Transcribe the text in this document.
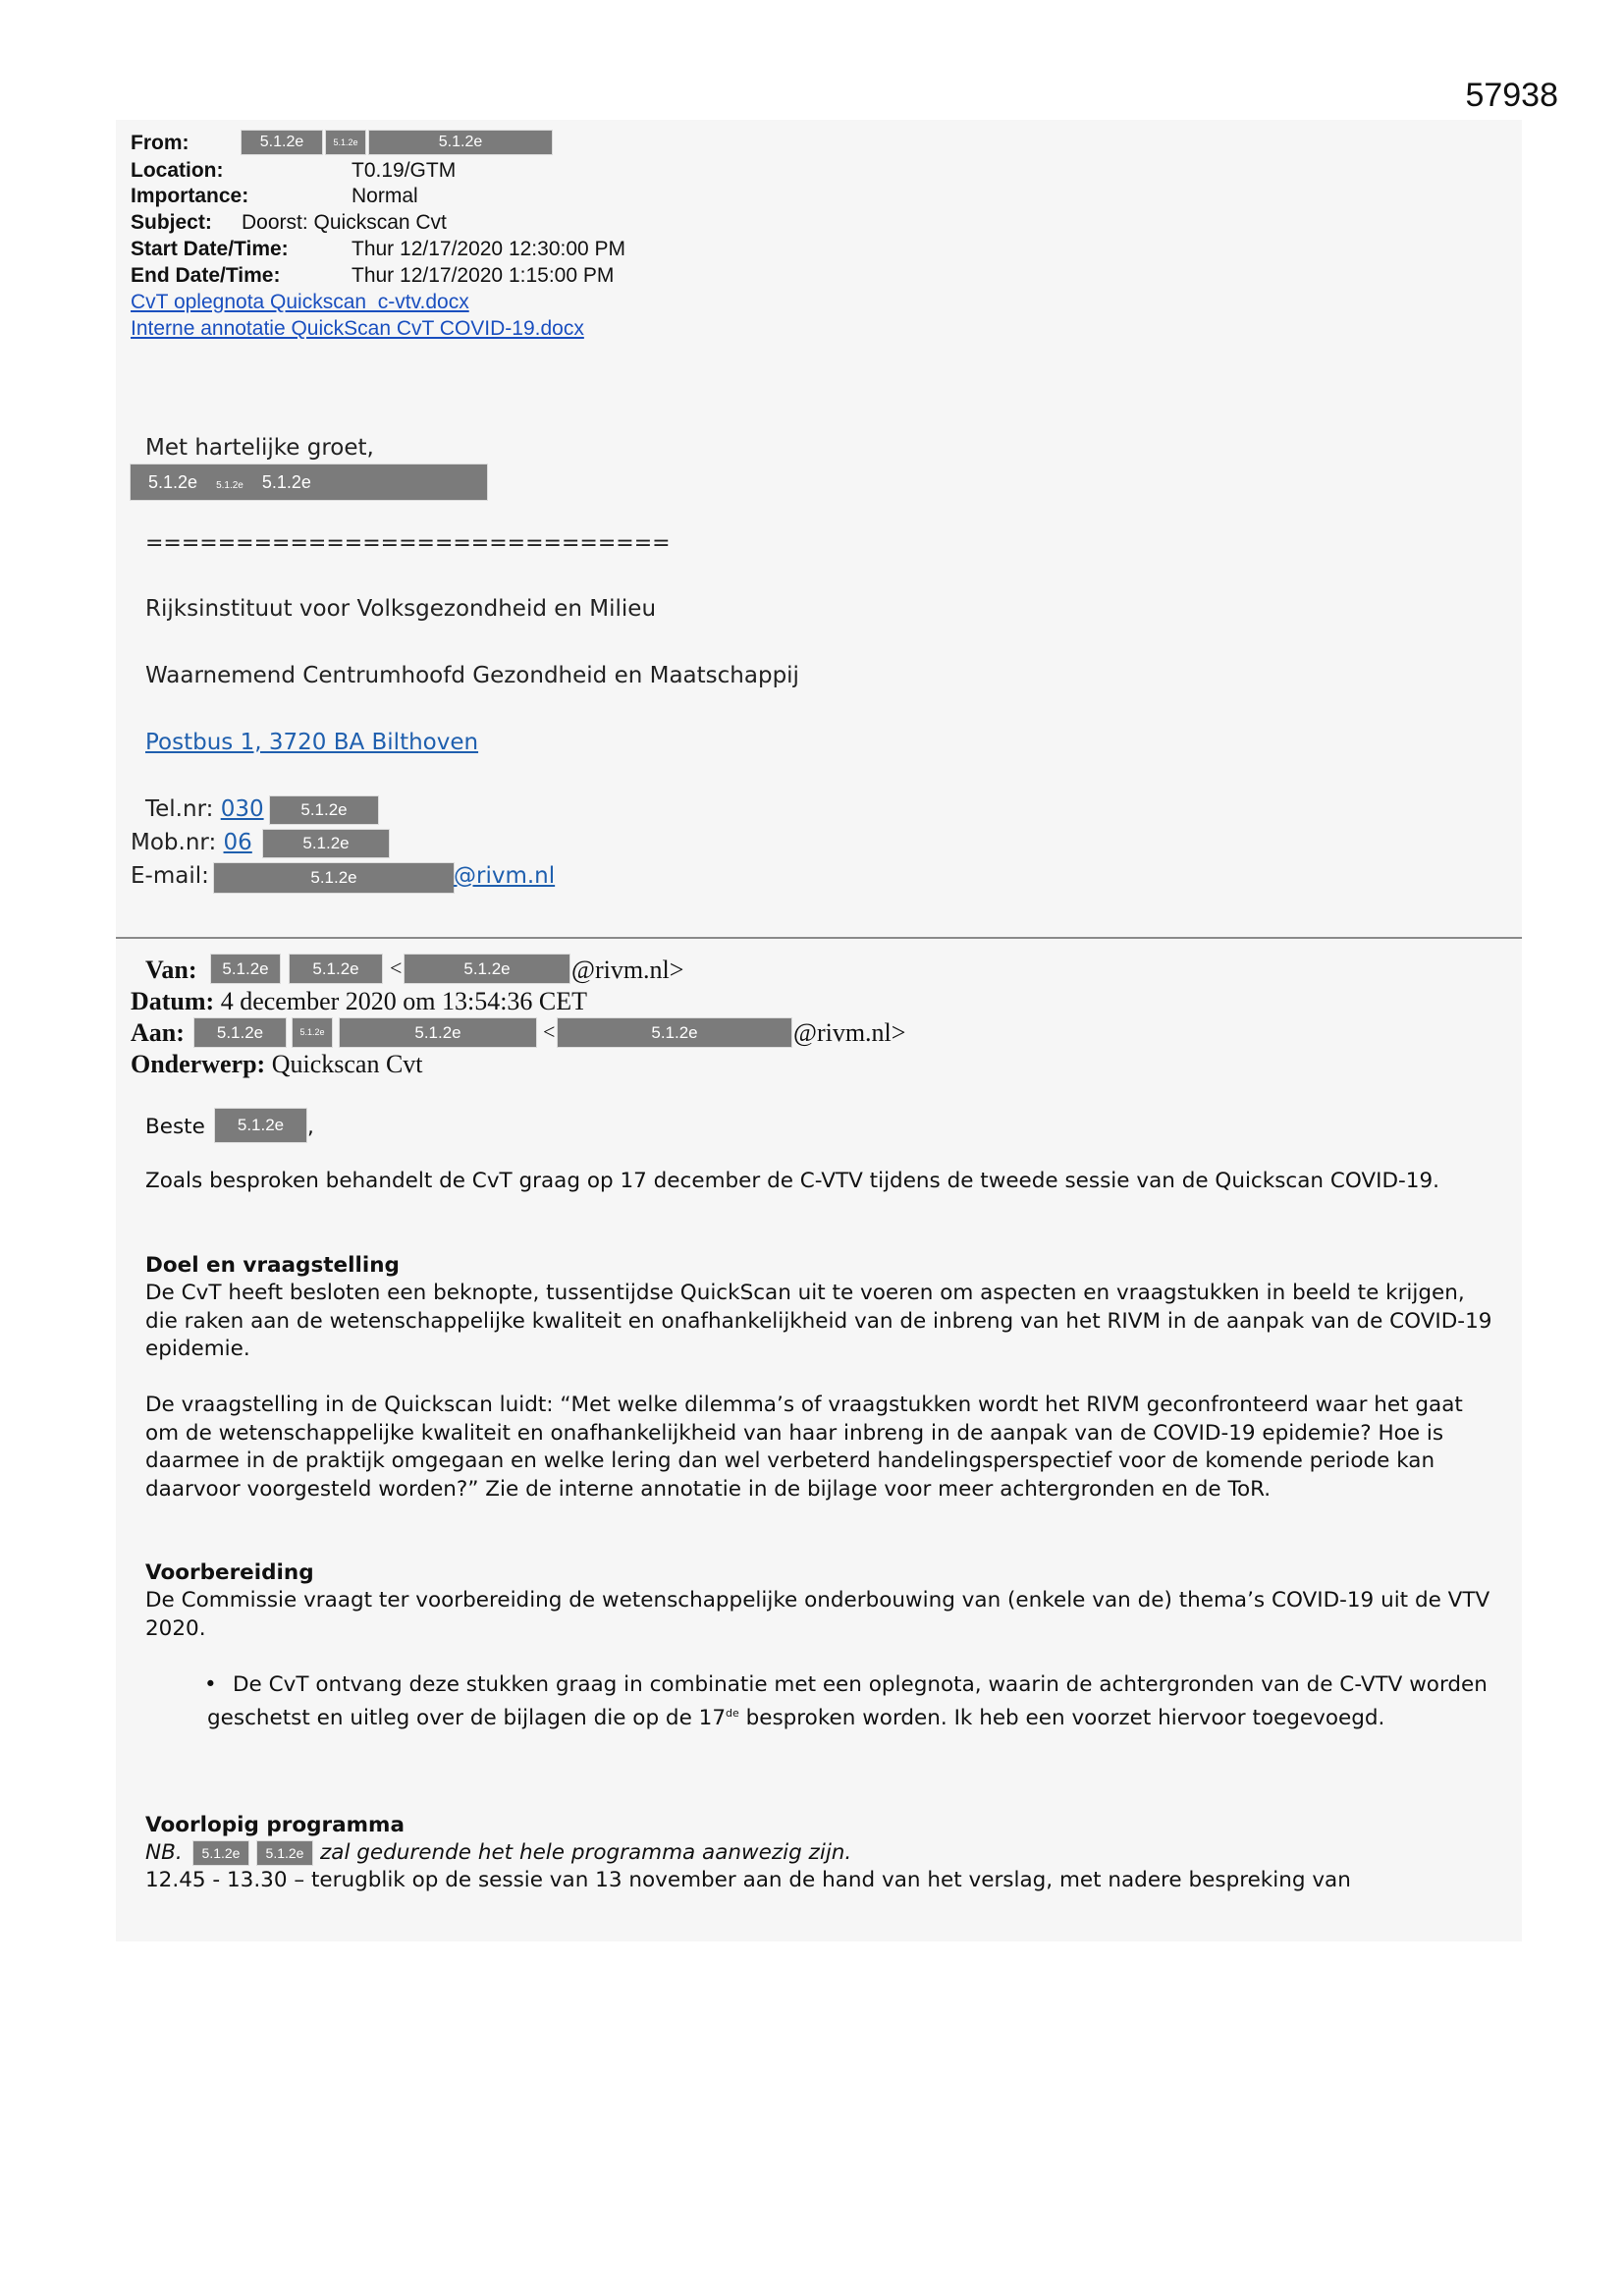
57938
From:	5.1.2e	5.1.2e	5.1.2e
Location:	T0.19/GTM
Importance:	Normal
Subject: Doorst: Quickscan Cvt
Start Date/Time:	Thur 12/17/2020 12:30:00 PM
End Date/Time:	Thur 12/17/2020 1:15:00 PM
CvT oplegnota Quickscan_c-vtv.docx
Interne annotatie QuickScan CvT COVID-19.docx
Met hartelijke groet,
5.1.2e 5.1.2e 5.1.2e
=============================
Rijksinstituut voor Volksgezondheid en Milieu
Waarnemend Centrumhoofd Gezondheid en Maatschappij
Postbus 1, 3720 BA Bilthoven
Tel.nr: 030	5.1.2e
Mob.nr: 06	5.1.2e
E-mail:	5.1.2e	@rivm.nl
Van:	5.1.2e	5.1.2e	<	5.1.2e	@rivm.nl>
Datum: 4 december 2020 om 13:54:36 CET
Aan:	5.1.2e	5.1.2e	5.1.2e	<	5.1.2e	@rivm.nl>
Onderwerp: Quickscan Cvt
Beste	5.1.2e	,
Zoals besproken behandelt de CvT graag op 17 december de C-VTV tijdens de tweede sessie van de Quickscan COVID-19.
Doel en vraagstelling
De CvT heeft besloten een beknopte, tussentijdse QuickScan uit te voeren om aspecten en vraagstukken in beeld te krijgen, die raken aan de wetenschappelijke kwaliteit en onafhankelijkheid van de inbreng van het RIVM in de aanpak van de COVID-19 epidemie.
De vraagstelling in de Quickscan luidt: “Met welke dilemma’s of vraagstukken wordt het RIVM geconfronteerd waar het gaat om de wetenschappelijke kwaliteit en onafhankelijkheid van haar inbreng in de aanpak van de COVID-19 epidemie? Hoe is daarmee in de praktijk omgegaan en welke lering dan wel verbeterd handelingsperspectief voor de komende periode kan daarvoor voorgesteld worden?” Zie de interne annotatie in de bijlage voor meer achtergronden en de ToR.
Voorbereiding
De Commissie vraagt ter voorbereiding de wetenschappelijke onderbouwing van (enkele van de) thema’s COVID-19 uit de VTV 2020.
• De CvT ontvang deze stukken graag in combinatie met een oplegnota, waarin de achtergronden van de C-VTV worden geschetst en uitleg over de bijlagen die op de 17de besproken worden. Ik heb een voorzet hiervoor toegevoegd.
Voorlopig programma
NB.	5.1.2e	5.1.2e zal gedurende het hele programma aanwezig zijn.
12.45 - 13.30 – terugblik op de sessie van 13 november aan de hand van het verslag, met nadere bespreking van
